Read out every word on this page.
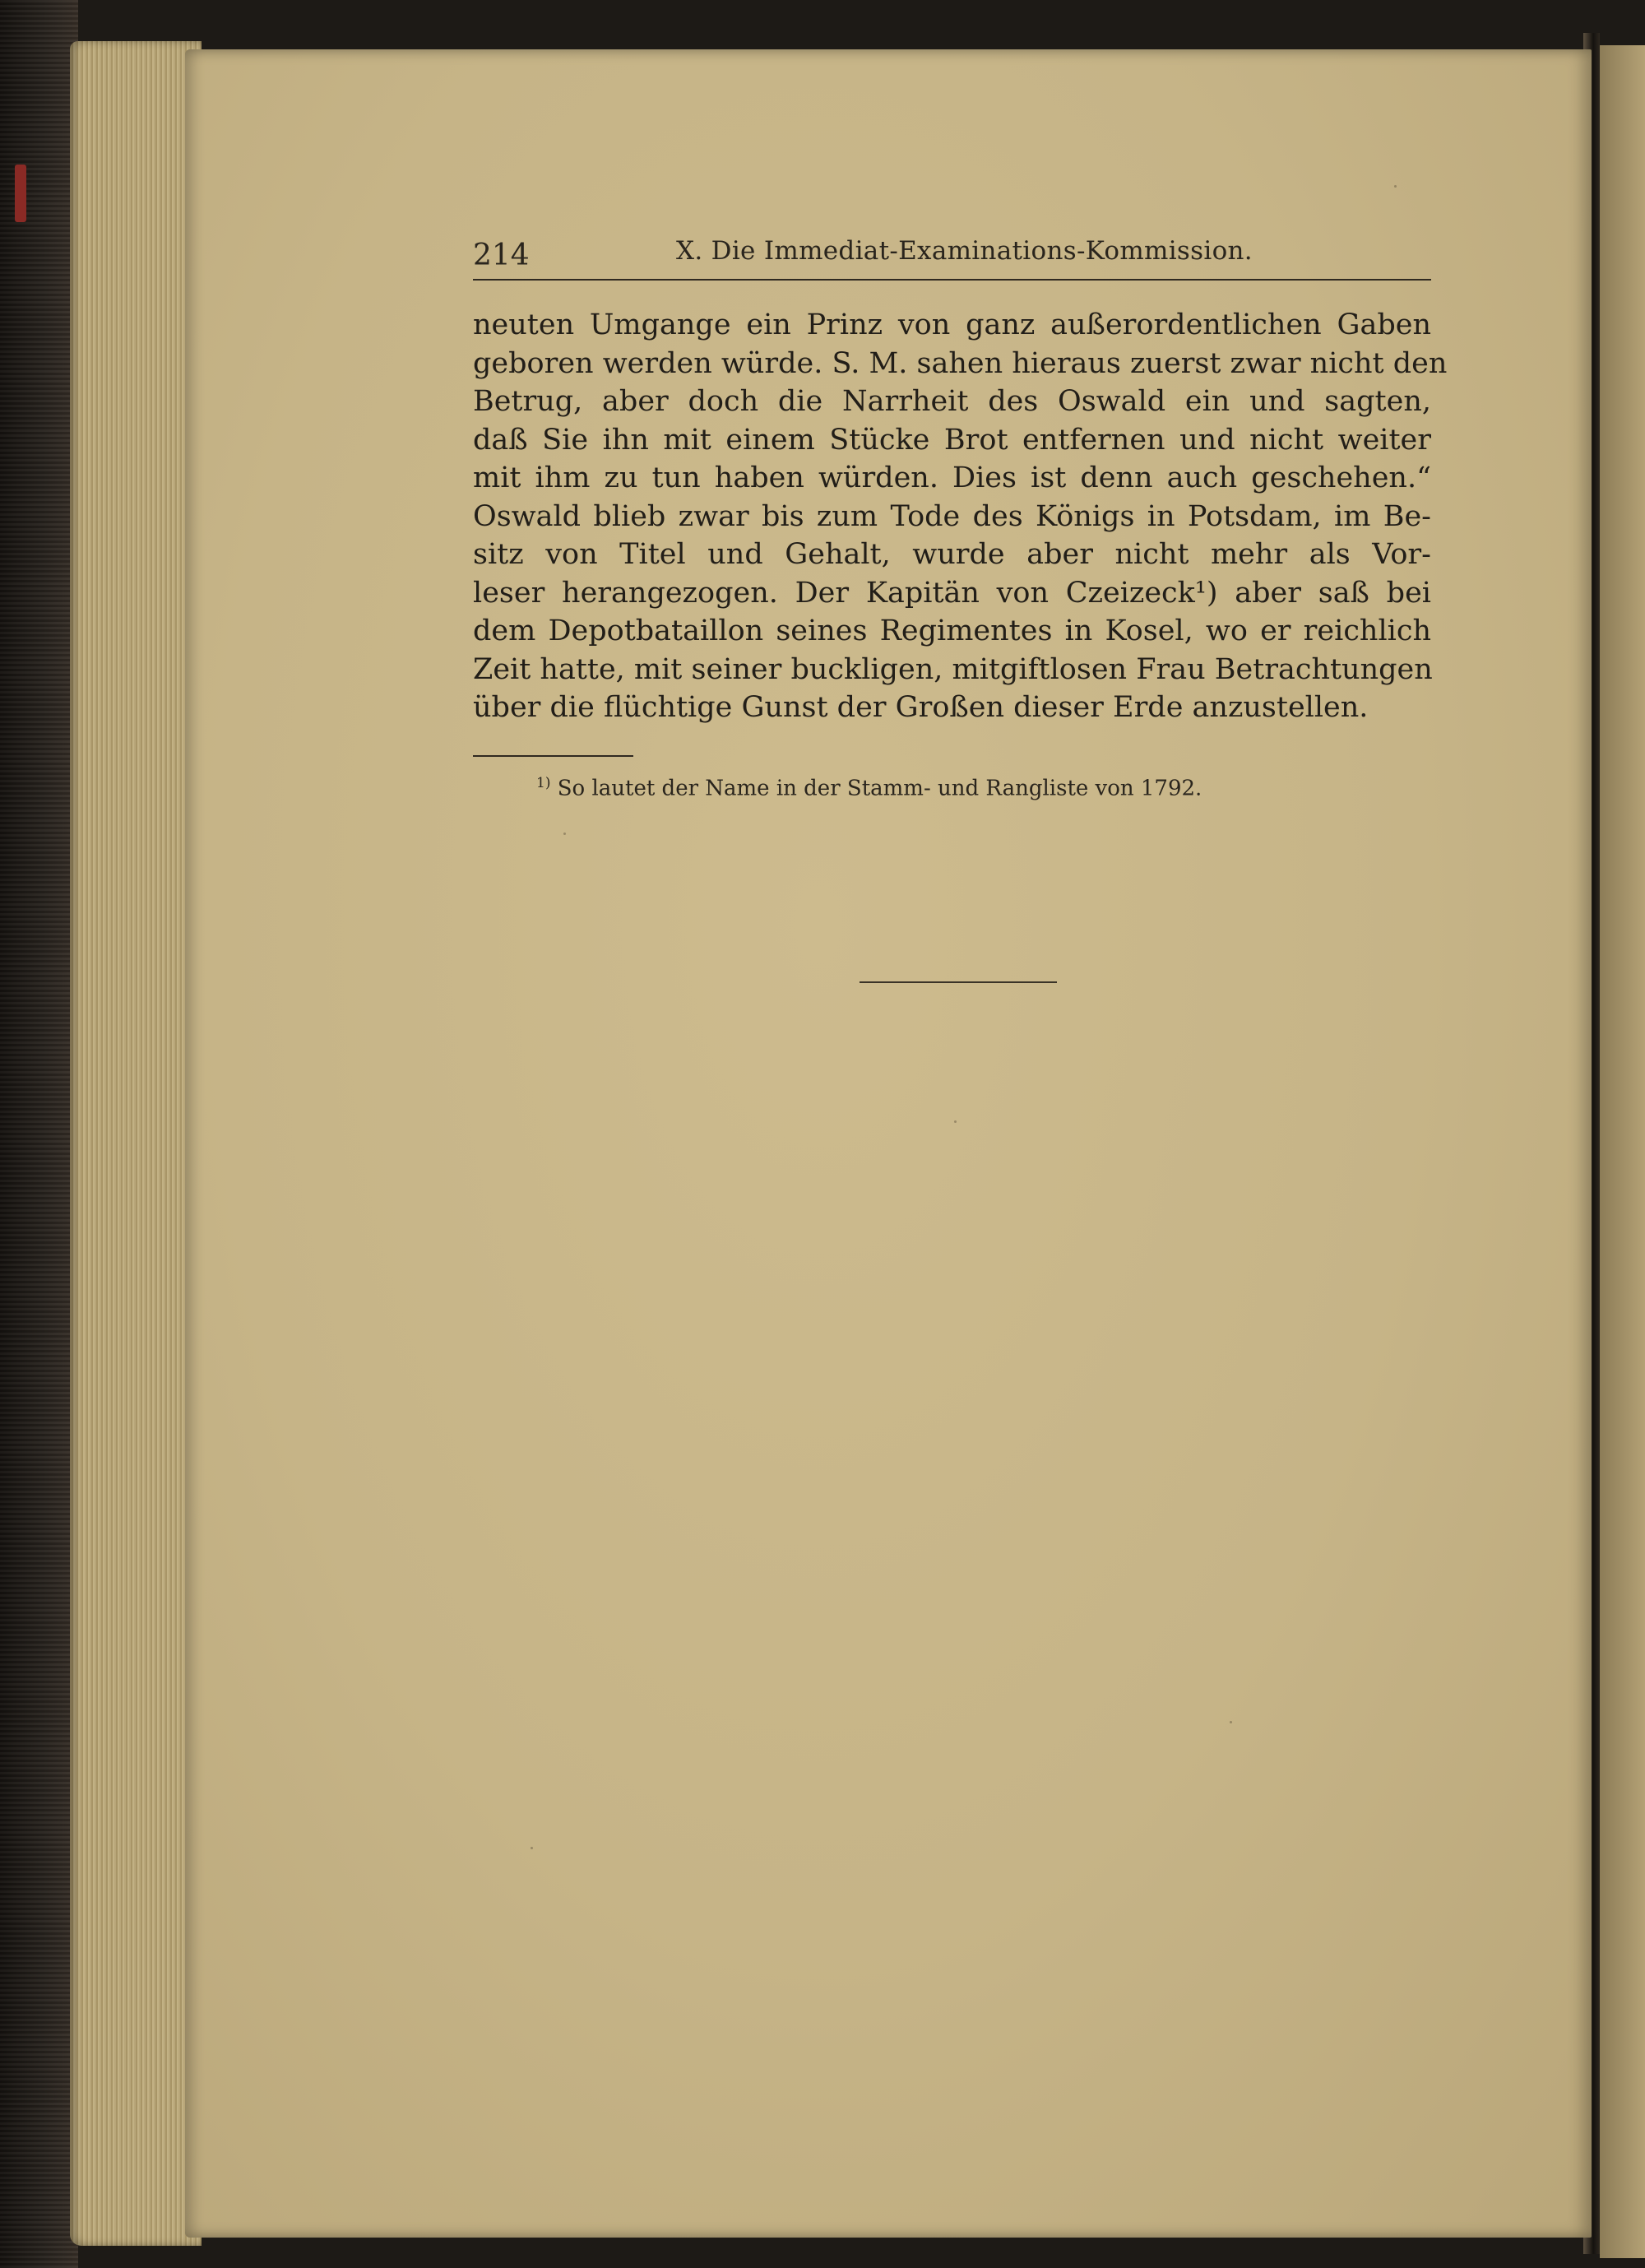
214	X. Die Immediat-Examinations-Kommission.
neuten Umgange ein Prinz von ganz außerordentlichen Gaben
geboren werden würde. S. M. sahen hieraus zuerst zwar nicht den
Betrug, aber doch die Narrheit des Oswald ein und sagten,
daß Sie ihn mit einem Stücke Brot entfernen und nicht weiter
mit ihm zu tun haben würden. Dies ist denn auch geschehen.“
Oswald blieb zwar bis zum Tode des Königs in Potsdam, im Be-
sitz von Titel und Gehalt, wurde aber nicht mehr als Vor-
leser herangezogen. Der Kapitän von Czeizeck¹) aber saß bei
dem Depotbataillon seines Regimentes in Kosel, wo er reichlich
Zeit hatte, mit seiner buckligen, mitgiftlosen Frau Betrachtungen
über die flüchtige Gunst der Großen dieser Erde anzustellen.
$^{1)}$ So lautet der Name in der Stamm- und Rangliste von 1792.
